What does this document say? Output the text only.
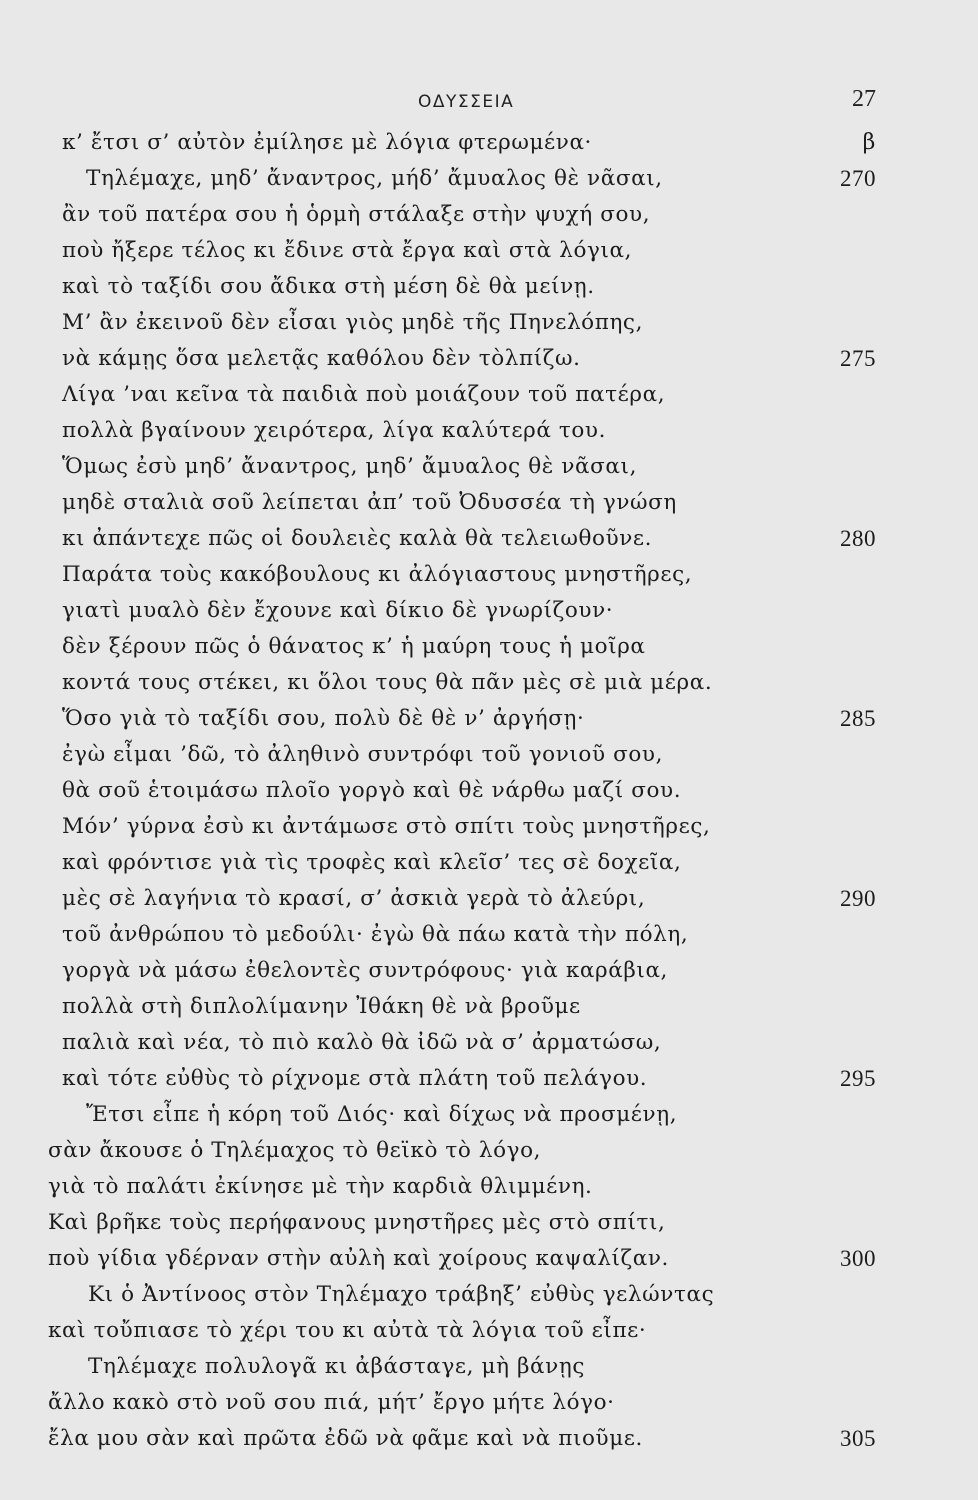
ΟΔΥΣΣΕΙΑ	27
κ’ ἔτσι σ’ αὐτὸν ἐμίλησε μὲ λόγια φτερωμένα·	β
Τηλέμαχε, μηδ’ ἄναντρος, μήδ’ ἄμυαλος θὲ νᾶσαι,	270
ἂν τοῦ πατέρα σου ἡ ὁρμὴ στάλαξε στὴν ψυχή σου,
ποὺ ἤξερε τέλος κι ἔδινε στὰ ἔργα καὶ στὰ λόγια,
καὶ τὸ ταξίδι σου ἄδικα στὴ μέση δὲ θὰ μείνῃ.
Μ’ ἂν ἐκεινοῦ δὲν εἶσαι γιὸς μηδὲ τῆς Πηνελόπης,
νὰ κάμῃς ὅσα μελετᾷς καθόλου δὲν τὸλπίζω.	275
Λίγα ’ναι κεῖνα τὰ παιδιὰ ποὺ μοιάζουν τοῦ πατέρα,
πολλὰ βγαίνουν χειρότερα, λίγα καλύτερά του.
Ὅμως ἐσὺ μηδ’ ἄναντρος, μηδ’ ἄμυαλος θὲ νᾶσαι,
μηδὲ σταλιὰ σοῦ λείπεται ἀπ’ τοῦ Ὀδυσσέα τὴ γνώση
κι ἀπάντεχε πῶς οἱ δουλειὲς καλὰ θὰ τελειωθοῦνε.	280
Παράτα τοὺς κακόβουλους κι ἀλόγιαστους μνηστῆρες,
γιατὶ μυαλὸ δὲν ἔχουνε καὶ δίκιο δὲ γνωρίζουν·
δὲν ξέρουν πῶς ὁ θάνατος κ’ ἡ μαύρη τους ἡ μοῖρα
κοντά τους στέκει, κι ὅλοι τους θὰ πᾶν μὲς σὲ μιὰ μέρα.
Ὅσο γιὰ τὸ ταξίδι σου, πολὺ δὲ θὲ ν’ ἀργήσῃ·	285
ἐγὼ εἶμαι ’δῶ, τὸ ἀληθινὸ συντρόφι τοῦ γονιοῦ σου,
θὰ σοῦ ἑτοιμάσω πλοῖο γοργὸ καὶ θὲ νάρθω μαζί σου.
Μόν’ γύρνα ἐσὺ κι ἀντάμωσε στὸ σπίτι τοὺς μνηστῆρες,
καὶ φρόντισε γιὰ τὶς τροφὲς καὶ κλεῖσ’ τες σὲ δοχεῖα,
μὲς σὲ λαγήνια τὸ κρασί, σ’ ἀσκιὰ γερὰ τὸ ἀλεύρι,	290
τοῦ ἀνθρώπου τὸ μεδούλι· ἐγὼ θὰ πάω κατὰ τὴν πόλη,
γοργὰ νὰ μάσω ἐθελοντὲς συντρόφους· γιὰ καράβια,
πολλὰ στὴ διπλολίμανην Ἰθάκη θὲ νὰ βροῦμε
παλιὰ καὶ νέα, τὸ πιὸ καλὸ θὰ ἰδῶ νὰ σ’ ἀρματώσω,
καὶ τότε εὐθὺς τὸ ρίχνομε στὰ πλάτη τοῦ πελάγου.	295
Ἔτσι εἶπε ἡ κόρη τοῦ Διός· καὶ δίχως νὰ προσμένῃ,
σὰν ἄκουσε ὁ Τηλέμαχος τὸ θεϊκὸ τὸ λόγο,
γιὰ τὸ παλάτι ἐκίνησε μὲ τὴν καρδιὰ θλιμμένη.
Καὶ βρῆκε τοὺς περήφανους μνηστῆρες μὲς στὸ σπίτι,
ποὺ γίδια γδέρναν στὴν αὐλὴ καὶ χοίρους καψαλίζαν.	300
Κι ὁ Ἀντίνοος στὸν Τηλέμαχο τράβηξ’ εὐθὺς γελώντας
καὶ τοὔπιασε τὸ χέρι του κι αὐτὰ τὰ λόγια τοῦ εἶπε·
Τηλέμαχε πολυλογᾶ κι ἀβάσταγε, μὴ βάνῃς
ἄλλο κακὸ στὸ νοῦ σου πιά, μήτ’ ἔργο μήτε λόγο·
ἔλα μου σὰν καὶ πρῶτα ἐδῶ νὰ φᾶμε καὶ νὰ πιοῦμε.	305
